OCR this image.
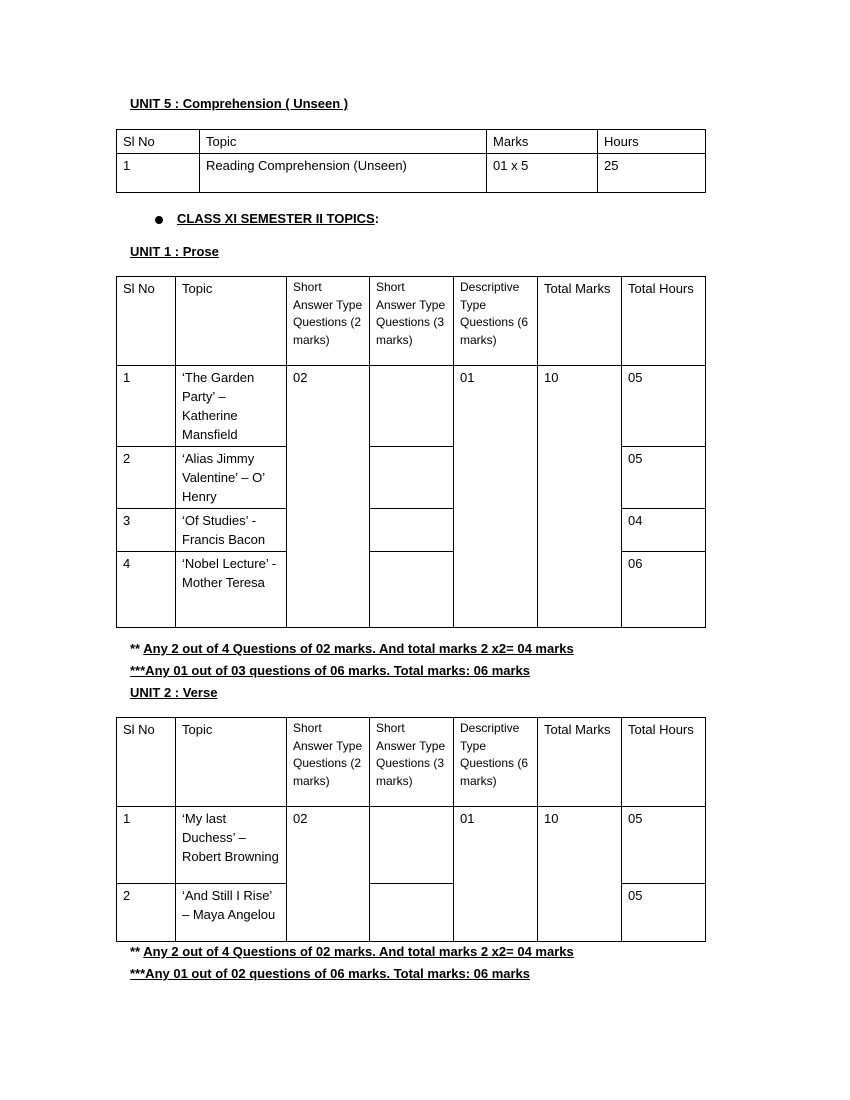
UNIT 5 : Comprehension ( Unseen )
Sl No	Topic	Marks	Hours
1	Reading Comprehension (Unseen)	01 x 5	25
CLASS XI SEMESTER II TOPICS:
UNIT 1 : Prose
Sl No	Topic	Short Answer Type Questions (2 marks)	Short Answer Type Questions (3 marks)	Descriptive Type Questions (6 marks)	Total Marks	Total Hours
1	‘The Garden Party’ – Katherine Mansfield	02		01	10	05
2	‘Alias Jimmy Valentine’ – O’ Henry					05
3	‘Of Studies’ - Francis Bacon					04
4	‘Nobel Lecture’ - Mother Teresa					06
** Any 2 out of 4 Questions of 02 marks. And total marks 2 x2= 04 marks
***Any 01 out of 03 questions of 06 marks. Total marks: 06 marks
UNIT 2 : Verse
Sl No	Topic	Short Answer Type Questions (2 marks)	Short Answer Type Questions (3 marks)	Descriptive Type Questions (6 marks)	Total Marks	Total Hours
1	‘My last Duchess’ – Robert Browning	02		01	10	05
2	‘And Still I Rise’ – Maya Angelou					05
** Any 2 out of 4 Questions of 02 marks. And total marks 2 x2= 04 marks
***Any 01 out of 02 questions of 06 marks. Total marks: 06 marks
